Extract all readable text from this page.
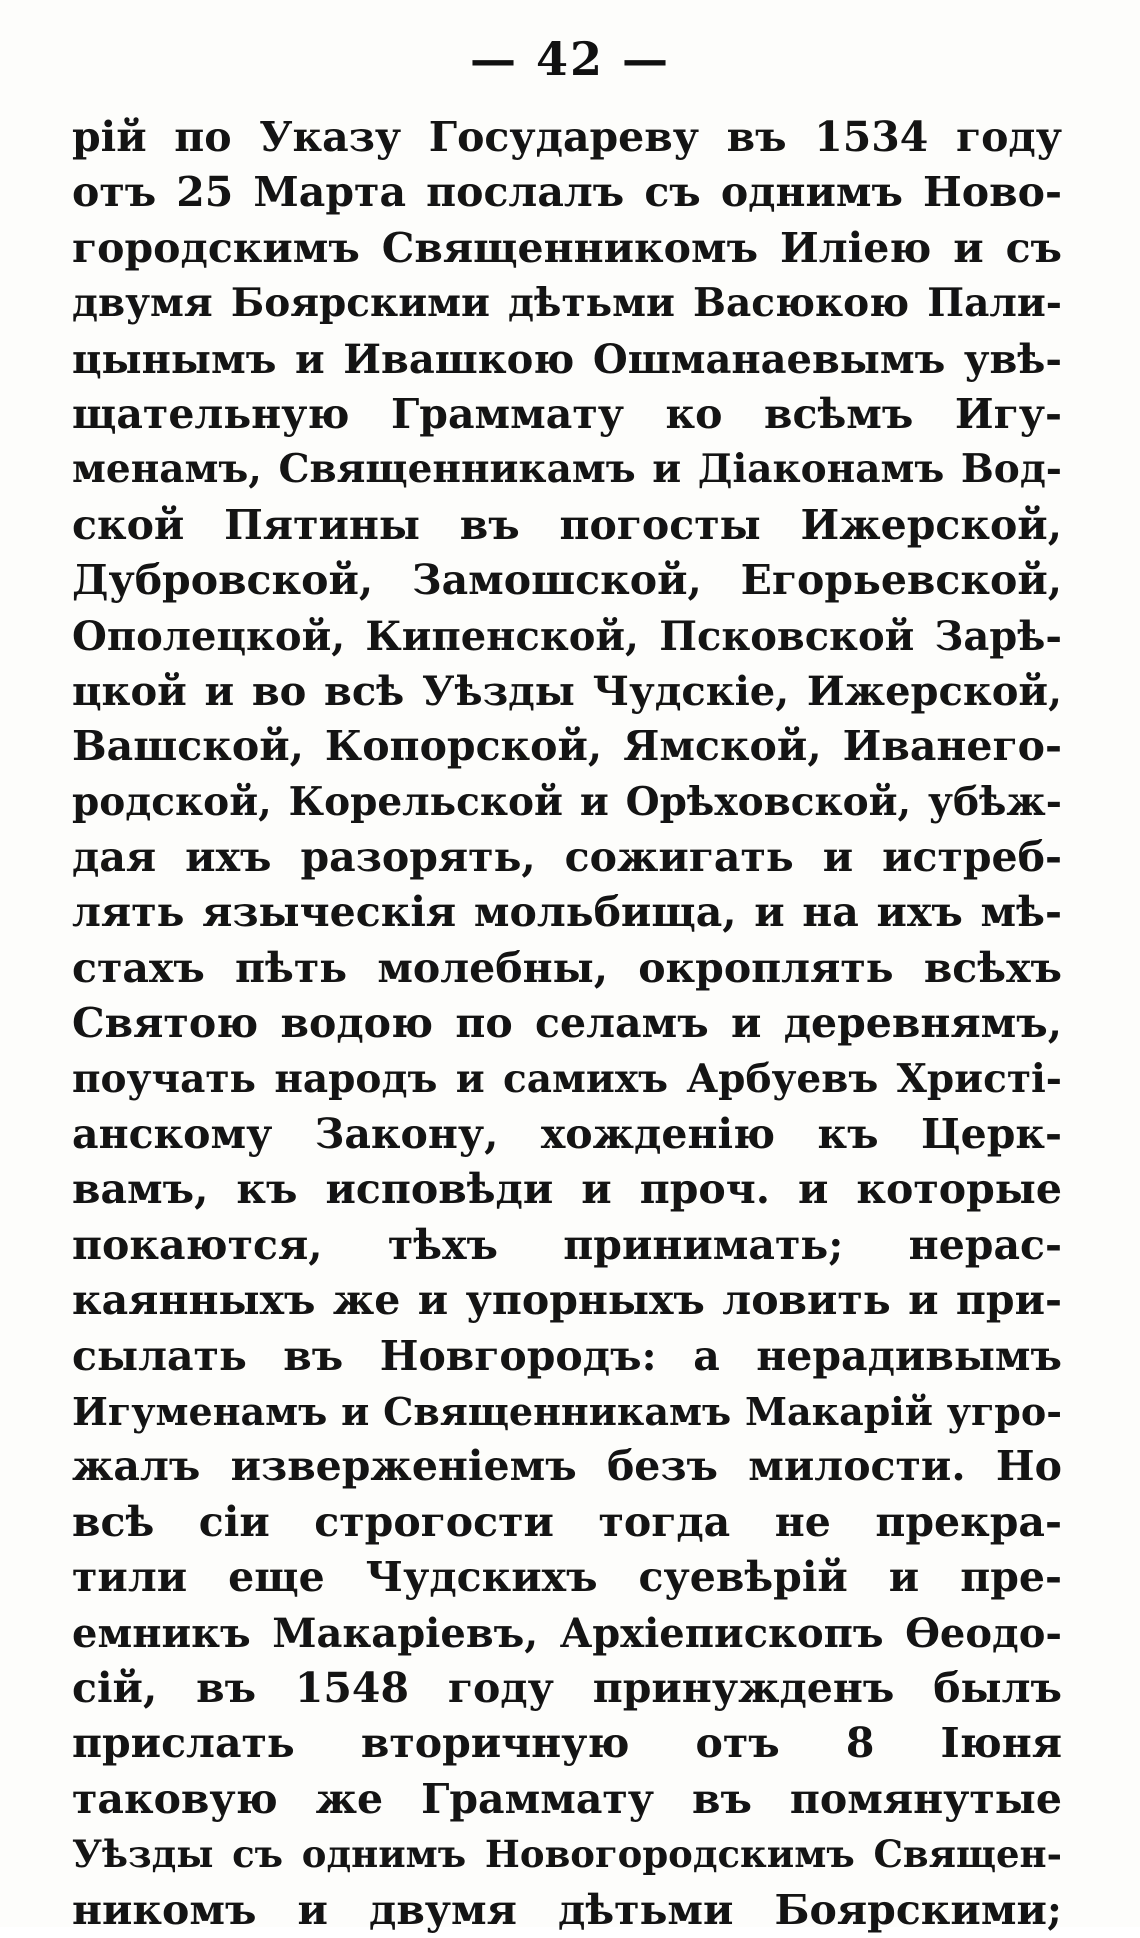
— 42 —
рій по Указу Государеву въ 1534 году
отъ 25 Марта послалъ съ однимъ Ново-
городскимъ Священникомъ Иліею и съ
двумя Боярскими дѣтьми Васюкою Пали-
цынымъ и Ивашкою Ошманаевымъ увѣ-
щательную Граммату ко всѣмъ Игу-
менамъ, Священникамъ и Діаконамъ Вод-
ской Пятины въ погосты Ижерской,
Дубровской, Замошской, Егорьевской,
Ополецкой, Кипенской, Псковской Зарѣ-
цкой и во всѣ Уѣзды Чудскіе, Ижерской,
Вашской, Копорской, Ямской, Иванего-
родской, Корельской и Орѣховской, убѣж-
дая ихъ разорять, сожигать и истреб-
лять языческія мольбища, и на ихъ мѣ-
стахъ пѣть молебны, окроплять всѣхъ
Святою водою по селамъ и деревнямъ,
поучать народъ и самихъ Арбуевъ Христі-
анскому Закону, хожденію къ Церк-
вамъ, къ исповѣди и проч. и которые
покаются, тѣхъ принимать; нерас-
каянныхъ же и упорныхъ ловить и при-
сылать въ Новгородъ: а нерадивымъ
Игуменамъ и Священникамъ Макарій угро-
жалъ изверженіемъ безъ милости. Но
всѣ сіи строгости тогда не прекра-
тили еще Чудскихъ суевѣрій и пре-
емникъ Макаріевъ, Архіепископъ Ѳеодо-
сій, въ 1548 году принужденъ былъ
прислать вторичную отъ 8 Іюня
таковую же Граммату въ помянутые
Уѣзды съ однимъ Новогородскимъ Священ-
никомъ и двумя дѣтьми Боярскими;
